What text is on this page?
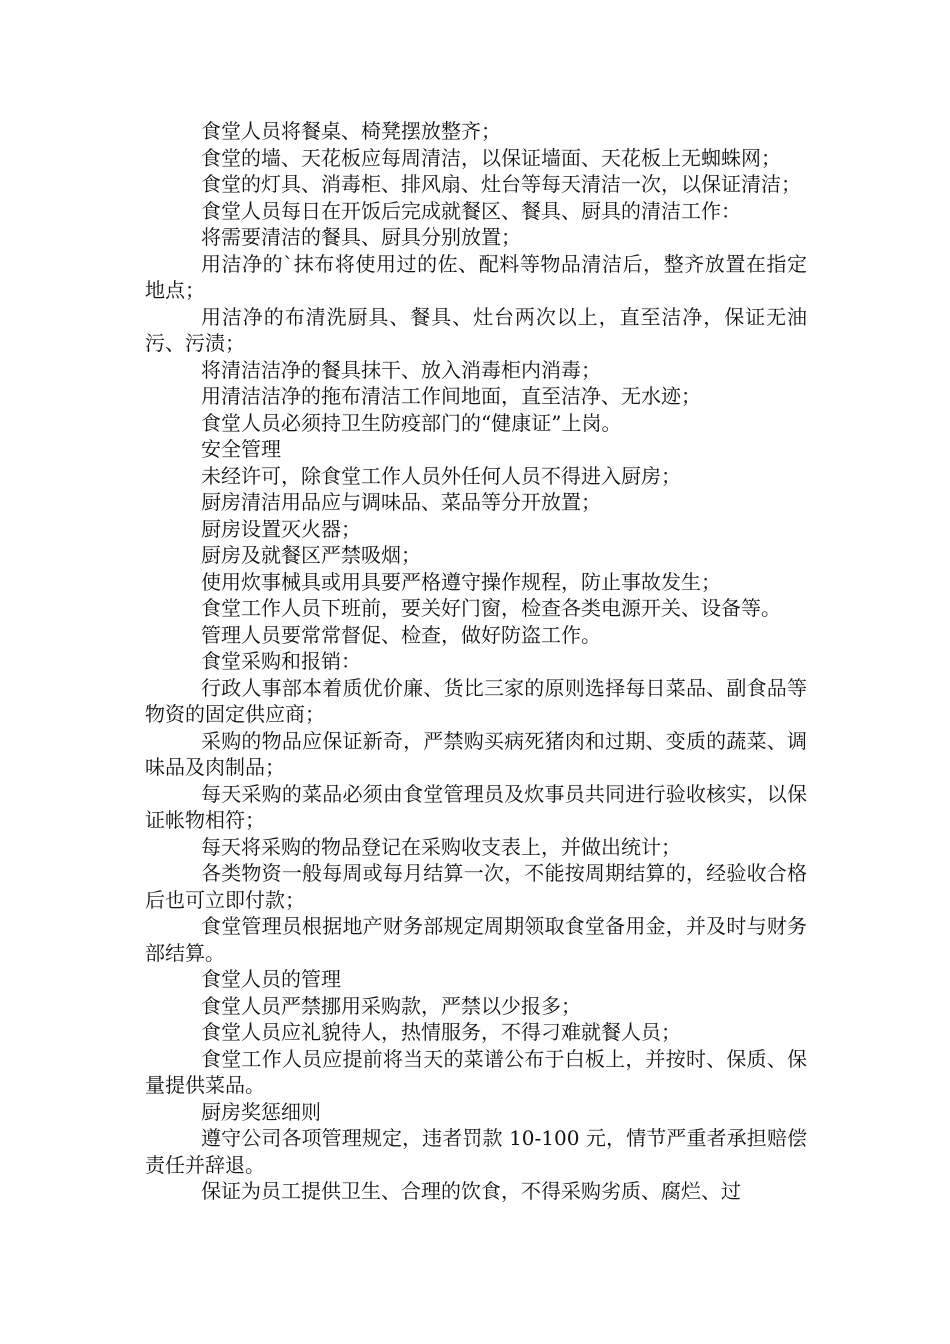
食堂人员将餐桌、椅凳摆放整齐；

食堂的墙、天花板应每周清洁，以保证墙面、天花板上无蜘蛛网；

食堂的灯具、消毒柜、排风扇、灶台等每天清洁一次，以保证清洁；

食堂人员每日在开饭后完成就餐区、餐具、厨具的清洁工作：

将需要清洁的餐具、厨具分别放置；

用洁净的`抹布将使用过的佐、配料等物品清洁后，整齐放置在指定地点；

用洁净的布清洗厨具、餐具、灶台两次以上，直至洁净，保证无油污、污渍；

将清洁洁净的餐具抹干、放入消毒柜内消毒；

用清洁洁净的拖布清洁工作间地面，直至洁净、无水迹；

食堂人员必须持卫生防疫部门的“健康证”上岗。

安全管理

未经许可，除食堂工作人员外任何人员不得进入厨房；

厨房清洁用品应与调味品、菜品等分开放置；

厨房设置灭火器；

厨房及就餐区严禁吸烟；

使用炊事械具或用具要严格遵守操作规程，防止事故发生；

食堂工作人员下班前，要关好门窗，检查各类电源开关、设备等。

管理人员要常常督促、检查，做好防盗工作。

食堂采购和报销：

行政人事部本着质优价廉、货比三家的原则选择每日菜品、副食品等物资的固定供应商；

采购的物品应保证新奇，严禁购买病死猪肉和过期、变质的蔬菜、调味品及肉制品；

每天采购的菜品必须由食堂管理员及炊事员共同进行验收核实，以保证帐物相符；

每天将采购的物品登记在采购收支表上，并做出统计；

各类物资一般每周或每月结算一次，不能按周期结算的，经验收合格后也可立即付款；

食堂管理员根据地产财务部规定周期领取食堂备用金，并及时与财务部结算。

食堂人员的管理

食堂人员严禁挪用采购款，严禁以少报多；

食堂人员应礼貌待人，热情服务，不得刁难就餐人员；

食堂工作人员应提前将当天的菜谱公布于白板上，并按时、保质、保量提供菜品。

厨房奖惩细则

遵守公司各项管理规定，违者罚款 10-100 元，情节严重者承担赔偿责任并辞退。

保证为员工提供卫生、合理的饮食，不得采购劣质、腐烂、过
